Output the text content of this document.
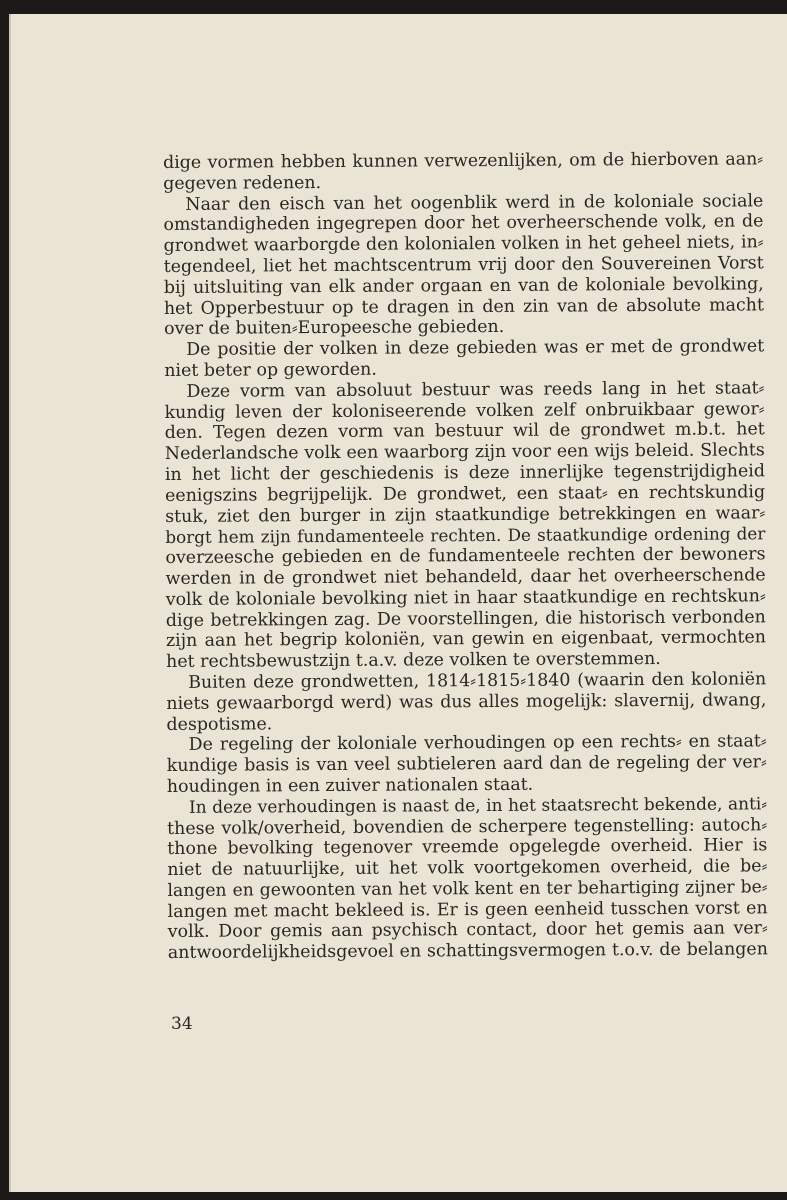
dige vormen hebben kunnen verwezenlijken, om de hierboven aan⸗
gegeven redenen.
Naar den eisch van het oogenblik werd in de koloniale sociale
omstandigheden ingegrepen door het overheerschende volk, en de
grondwet waarborgde den kolonialen volken in het geheel niets, in⸗
tegendeel, liet het machtscentrum vrij door den Souvereinen Vorst
bij uitsluiting van elk ander orgaan en van de koloniale bevolking,
het Opperbestuur op te dragen in den zin van de absolute macht
over de buiten⸗Europeesche gebieden.
De positie der volken in deze gebieden was er met de grondwet
niet beter op geworden.
Deze vorm van absoluut bestuur was reeds lang in het staat⸗
kundig leven der koloniseerende volken zelf onbruikbaar gewor⸗
den. Tegen dezen vorm van bestuur wil de grondwet m.b.t. het
Nederlandsche volk een waarborg zijn voor een wijs beleid. Slechts
in het licht der geschiedenis is deze innerlijke tegenstrijdigheid
eenigszins begrijpelijk. De grondwet, een staat⸗ en rechtskundig
stuk, ziet den burger in zijn staatkundige betrekkingen en waar⸗
borgt hem zijn fundamenteele rechten. De staatkundige ordening der
overzeesche gebieden en de fundamenteele rechten der bewoners
werden in de grondwet niet behandeld, daar het overheerschende
volk de koloniale bevolking niet in haar staatkundige en rechtskun⸗
dige betrekkingen zag. De voorstellingen, die historisch verbonden
zijn aan het begrip koloniën, van gewin en eigenbaat, vermochten
het rechtsbewustzijn t.a.v. deze volken te overstemmen.
Buiten deze grondwetten, 1814⸗1815⸗1840 (waarin den koloniën
niets gewaarborgd werd) was dus alles mogelijk: slavernij, dwang,
despotisme.
De regeling der koloniale verhoudingen op een rechts⸗ en staat⸗
kundige basis is van veel subtieleren aard dan de regeling der ver⸗
houdingen in een zuiver nationalen staat.
In deze verhoudingen is naast de, in het staatsrecht bekende, anti⸗
these volk/overheid, bovendien de scherpere tegenstelling: autoch⸗
thone bevolking tegenover vreemde opgelegde overheid. Hier is
niet de natuurlijke, uit het volk voortgekomen overheid, die be⸗
langen en gewoonten van het volk kent en ter behartiging zijner be⸗
langen met macht bekleed is. Er is geen eenheid tusschen vorst en
volk. Door gemis aan psychisch contact, door het gemis aan ver⸗
antwoordelijkheidsgevoel en schattingsvermogen t.o.v. de belangen
34
